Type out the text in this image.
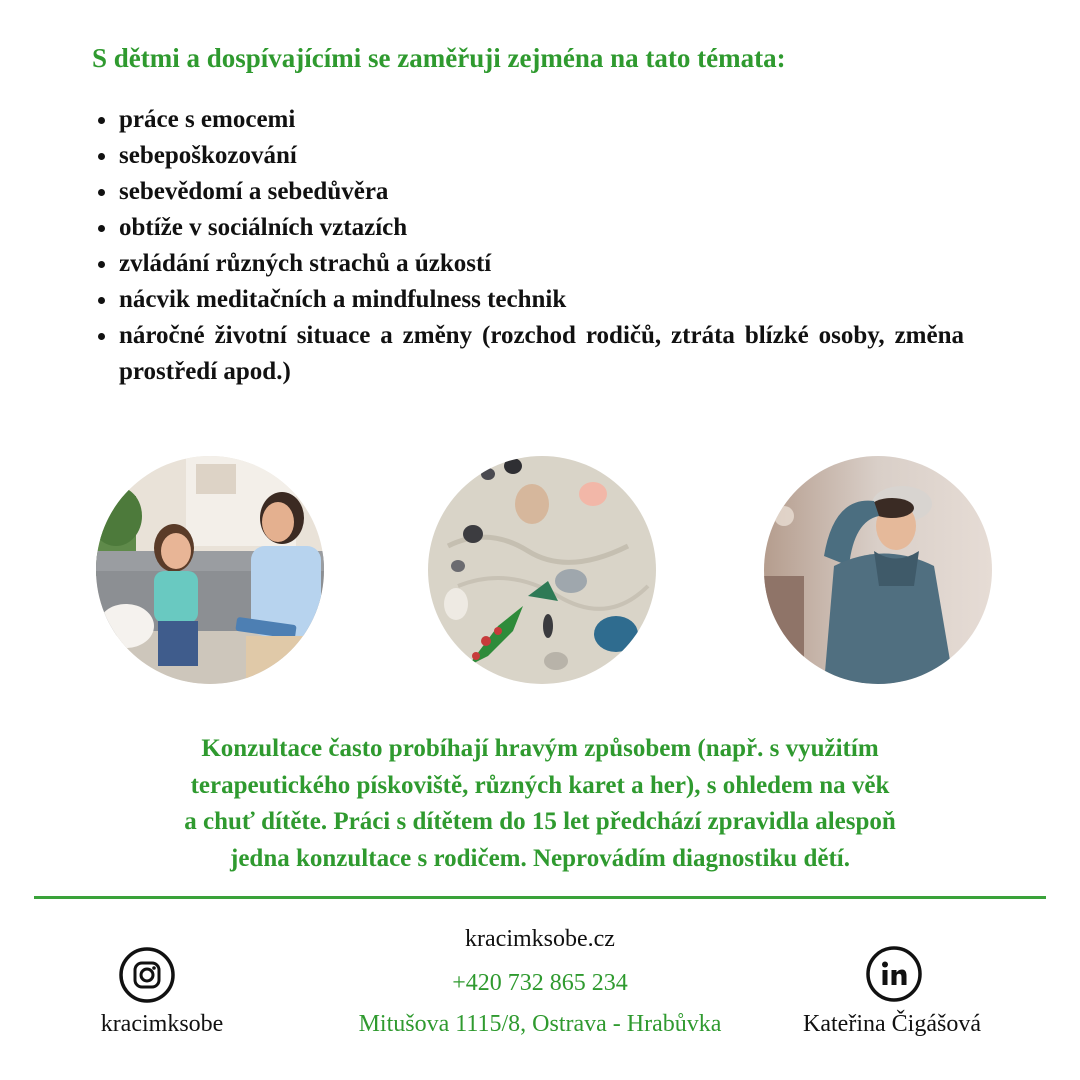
S dětmi a dospívajícími se zaměřuji zejména na tato témata:
práce s emocemi
sebepoškozování
sebevědomí a sebedůvěra
obtíže v sociálních vztazích
zvládání různých strachů a úzkostí
nácvik meditačních a mindfulness technik
náročné životní situace a změny (rozchod rodičů, ztráta blízké osoby, změna prostředí apod.)

Konzultace často probíhají hravým způsobem (např. s využitím
terapeutického pískoviště, různých karet a her), s ohledem na věk
a chuť dítěte. Práci s dítětem do 15 let předchází zpravidla alespoň
jedna konzultace s rodičem. Neprovádím diagnostiku dětí.

kracimksobe.cz
+420 732 865 234
Mitušova 1115/8, Ostrava - Hrabůvka
kracimksobe	Kateřina Čigášová
